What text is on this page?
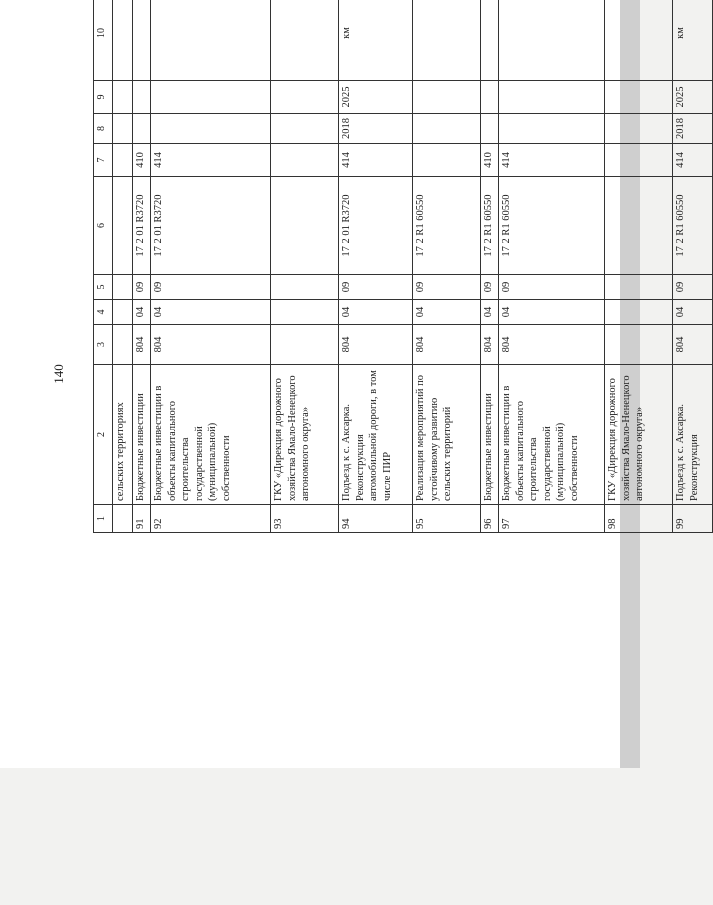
140
1	2	3	4	5	6	7	8	9	10			
	сельских территориях											
91	Бюджетные инвестиции	804	04	09	17 2 01 R3720	410						
92	Бюджетные инвестиции в объекты капитального строительства государственной (муниципальной) собственности	804	04	09	17 2 01 R3720	414						
93	ГКУ «Дирекция дорожного хозяйства Ямало-Ненецкого автономного округа»											
94	Подъезд к с. Аксарка. Реконструкция автомобильной дороги, в том числе ПИР	804	04	09	17 2 01 R3720	414	2018	2025	км			
95	Реализация мероприятий по устойчивому развитию сельских территорий	804	04	09	17 2 R1 60550							
96	Бюджетные инвестиции	804	04	09	17 2 R1 60550	410						
97	Бюджетные инвестиции в объекты капитального строительства государственной (муниципальной) собственности	804	04	09	17 2 R1 60550	414						
98	ГКУ «Дирекция дорожного хозяйства Ямало-Ненецкого автономного округа»											
99	Подъезд к с. Аксарка. Реконструкция	804	04	09	17 2 R1 60550	414	2018	2025	км			
